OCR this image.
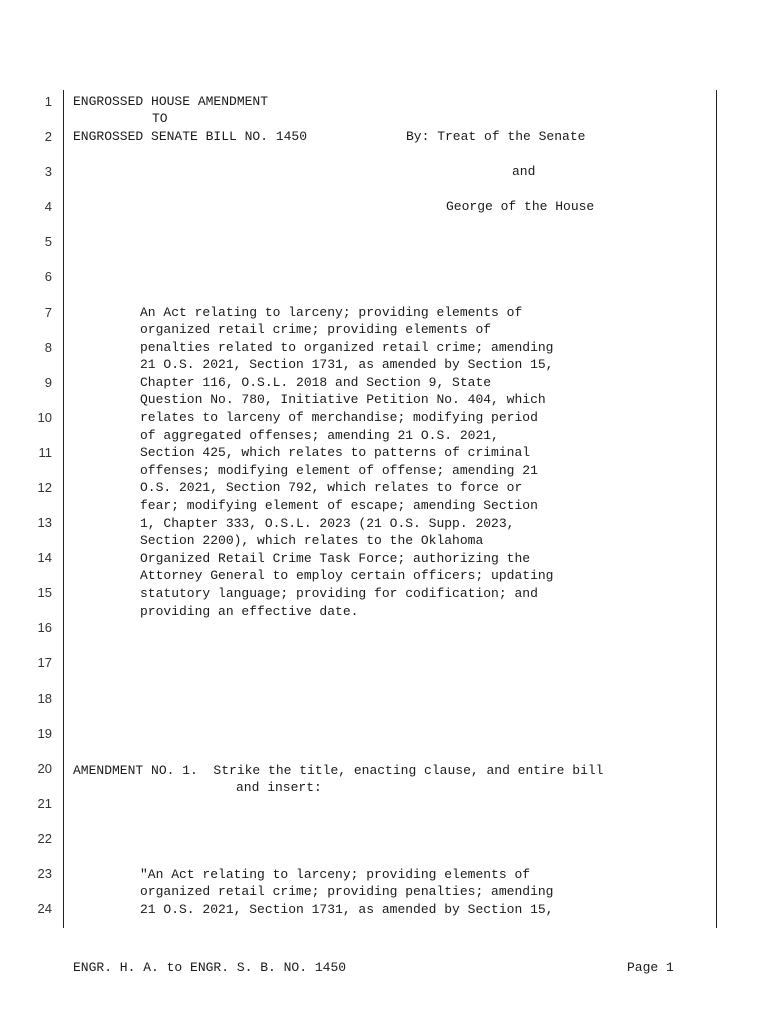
1
2
3
4
5
6
7
8
9
10
11
12
13
14
15
16
17
18
19
20
21
22
23
24
ENGROSSED HOUSE AMENDMENT
TO
ENGROSSED SENATE BILL NO. 1450	By: Treat of the Senate
and
George of the House
An Act relating to larceny; providing elements of
organized retail crime; providing elements of
penalties related to organized retail crime; amending
21 O.S. 2021, Section 1731, as amended by Section 15,
Chapter 116, O.S.L. 2018 and Section 9, State
Question No. 780, Initiative Petition No. 404, which
relates to larceny of merchandise; modifying period
of aggregated offenses; amending 21 O.S. 2021,
Section 425, which relates to patterns of criminal
offenses; modifying element of offense; amending 21
O.S. 2021, Section 792, which relates to force or
fear; modifying element of escape; amending Section
1, Chapter 333, O.S.L. 2023 (21 O.S. Supp. 2023,
Section 2200), which relates to the Oklahoma
Organized Retail Crime Task Force; authorizing the
Attorney General to employ certain officers; updating
statutory language; providing for codification; and
providing an effective date.
AMENDMENT NO. 1.  Strike the title, enacting clause, and entire bill
and insert:
"An Act relating to larceny; providing elements of
organized retail crime; providing penalties; amending
21 O.S. 2021, Section 1731, as amended by Section 15,
ENGR. H. A. to ENGR. S. B. NO. 1450	Page 1
